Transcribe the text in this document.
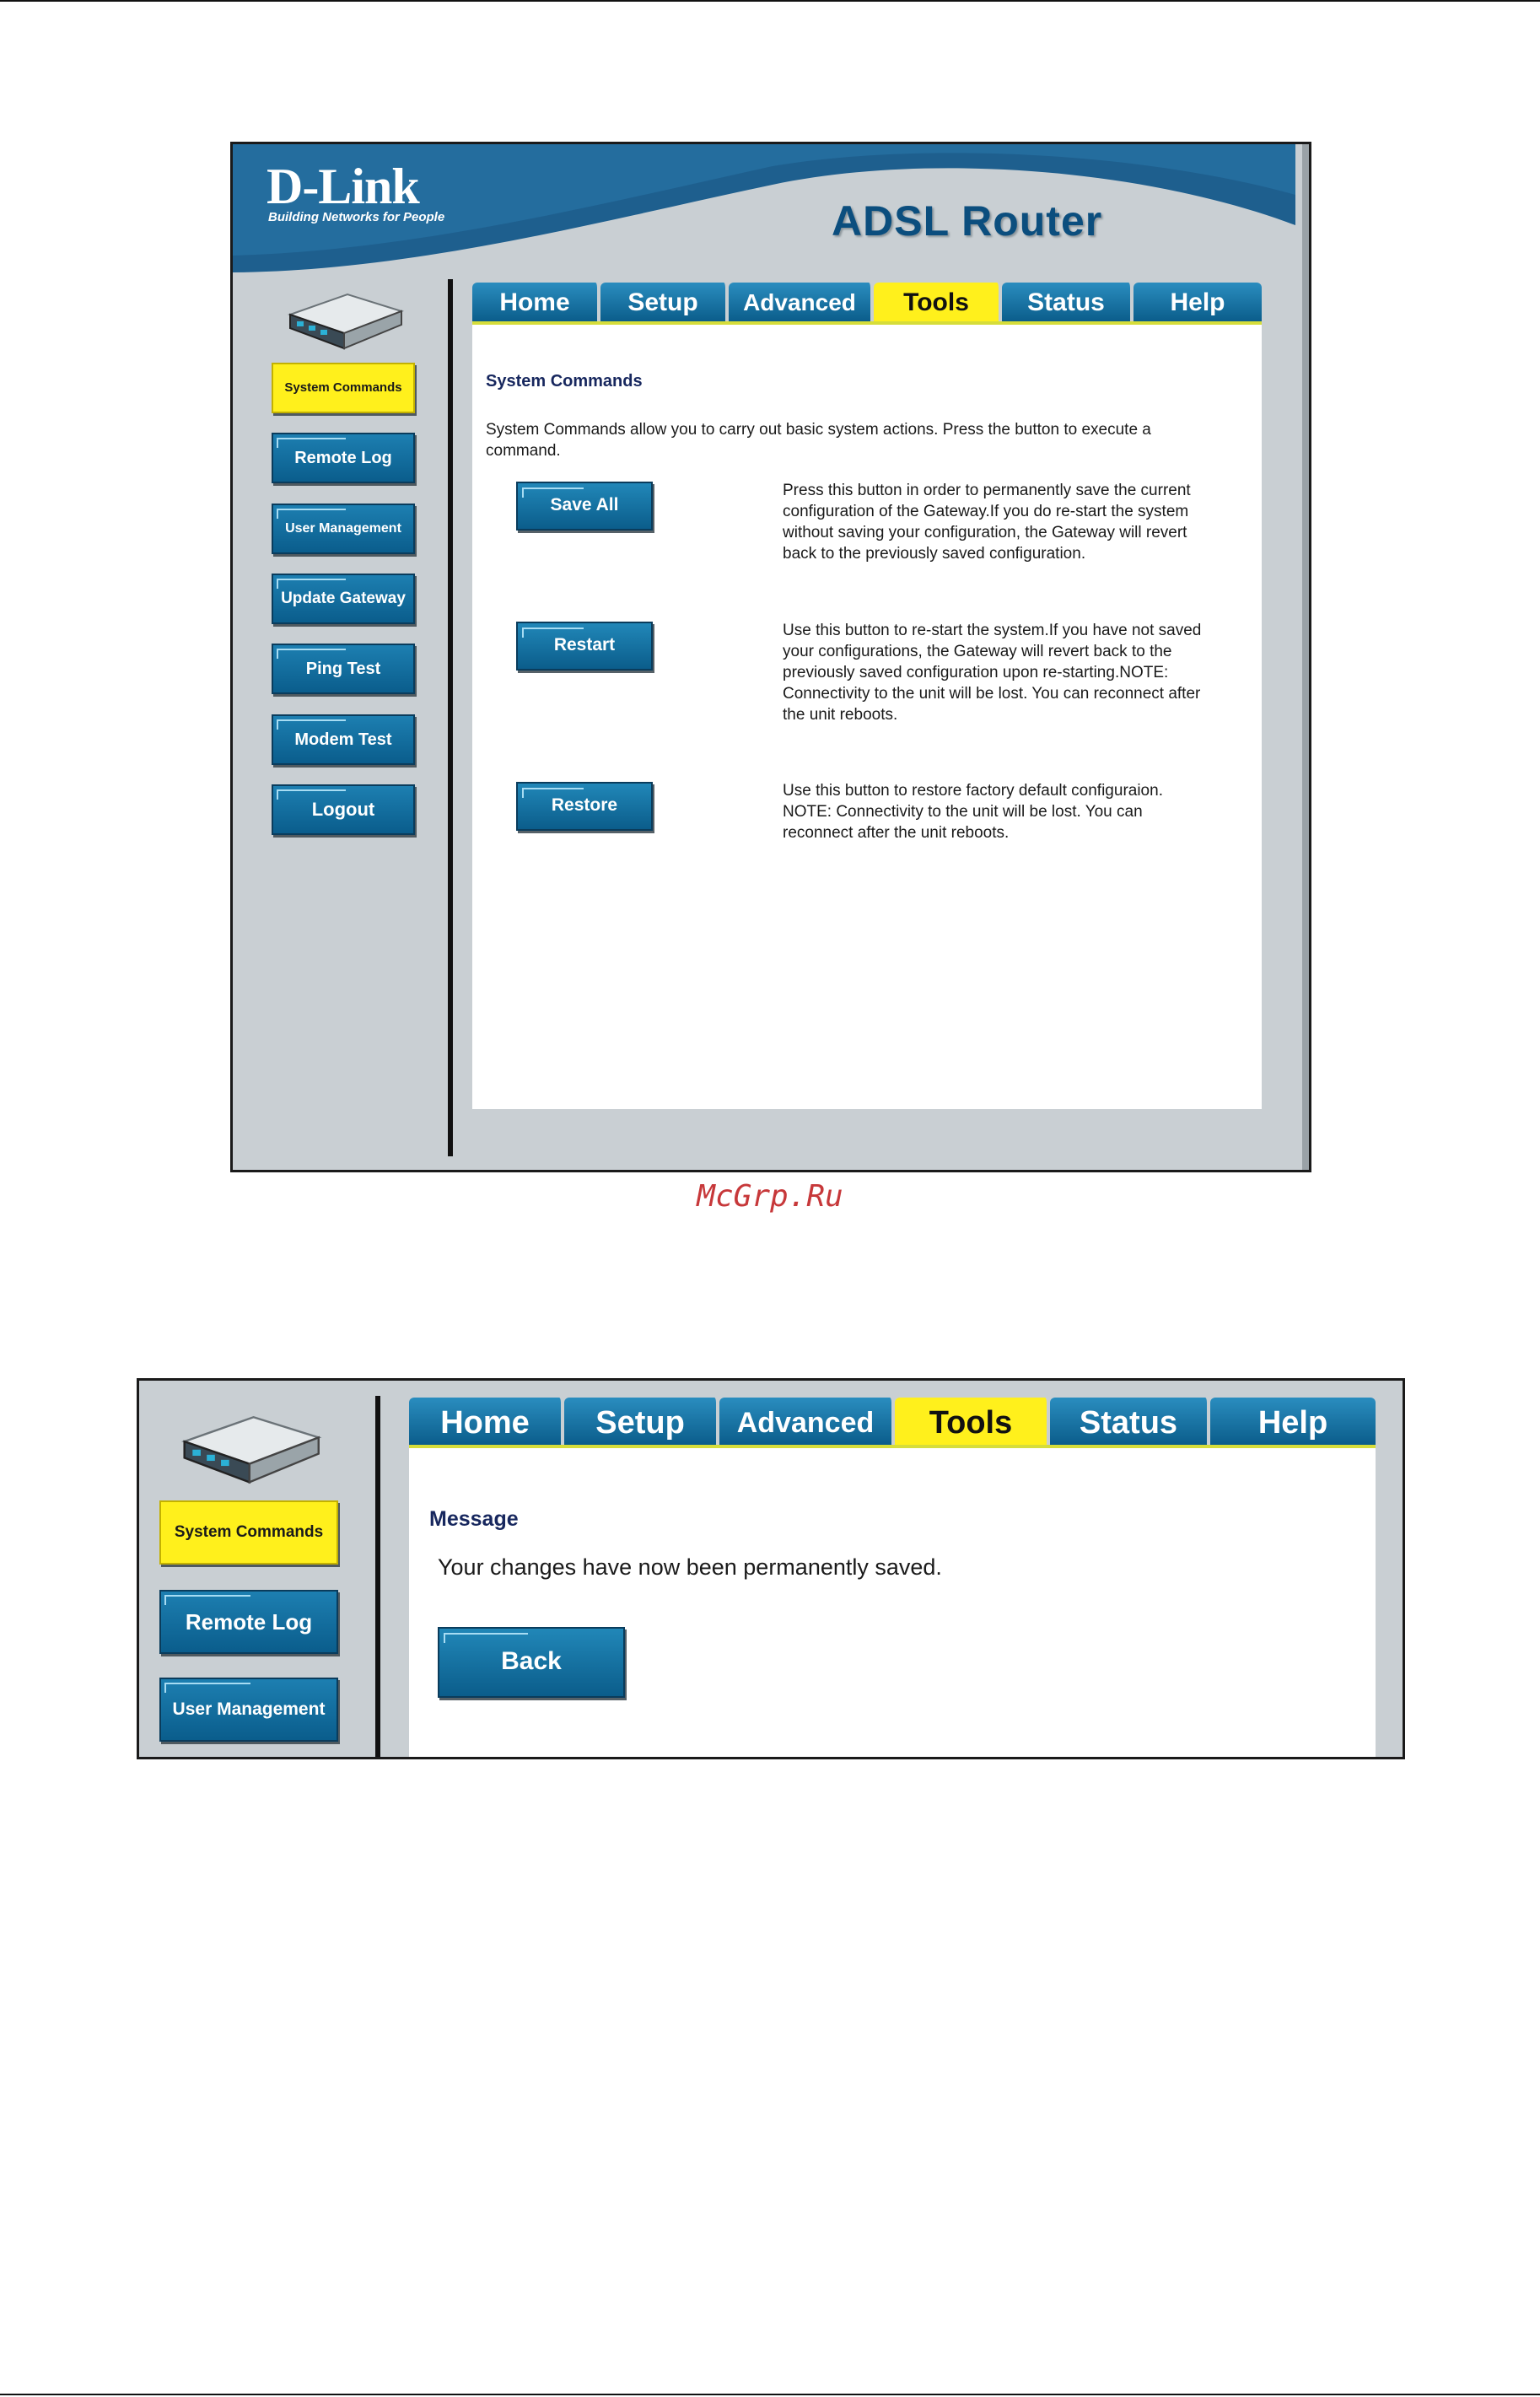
D-Link
Building Networks for People	ADSL Router
System Commands
Remote Log
User Management
Update Gateway
Ping Test
Modem Test
Logout
Home	Setup	Advanced	Tools	Status	Help
System Commands
System Commands allow you to carry out basic system actions. Press the button to execute a command.
Save All
Press this button in order to permanently save the current configuration of the Gateway.If you do re-start the system without saving your configuration, the Gateway will revert back to the previously saved configuration.
Restart
Use this button to re-start the system.If you have not saved your configurations, the Gateway will revert back to the previously saved configuration upon re-starting.NOTE: Connectivity to the unit will be lost. You can reconnect after the unit reboots.
Restore
Use this button to restore factory default configuraion. NOTE: Connectivity to the unit will be lost. You can reconnect after the unit reboots.
McGrp.Ru
System Commands
Remote Log
User Management
Home	Setup	Advanced	Tools	Status	Help
Message
Your changes have now been permanently saved.
Back
